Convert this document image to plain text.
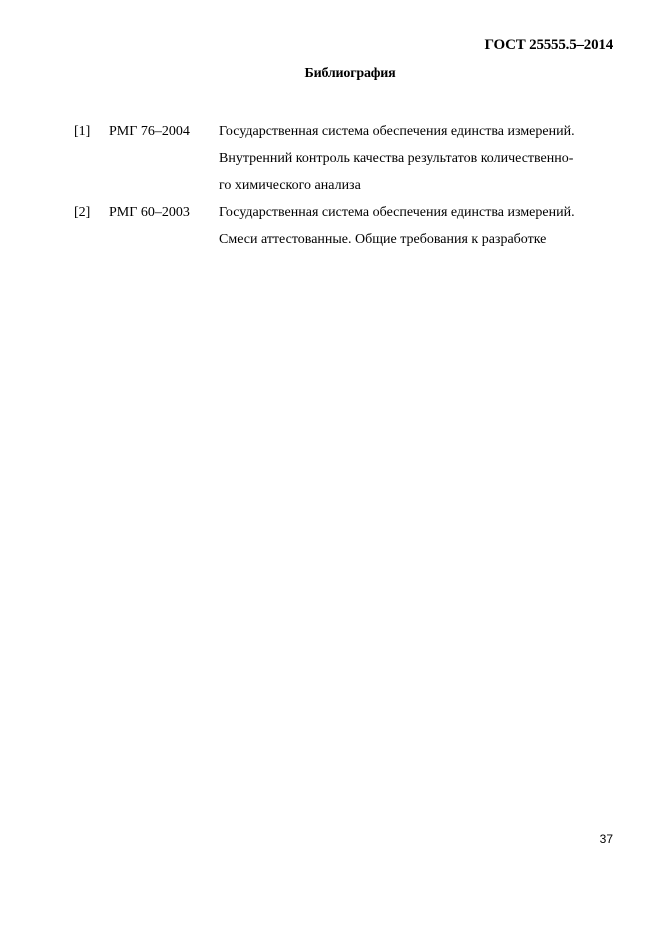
ГОСТ 25555.5–2014
Библиография
[1] РМГ 76–2004 Государственная система обеспечения единства измерений.
Внутренний контроль качества результатов количественно-
го химического анализа
[2] РМГ 60–2003 Государственная система обеспечения единства измерений.
Смеси аттестованные. Общие требования к разработке
37
